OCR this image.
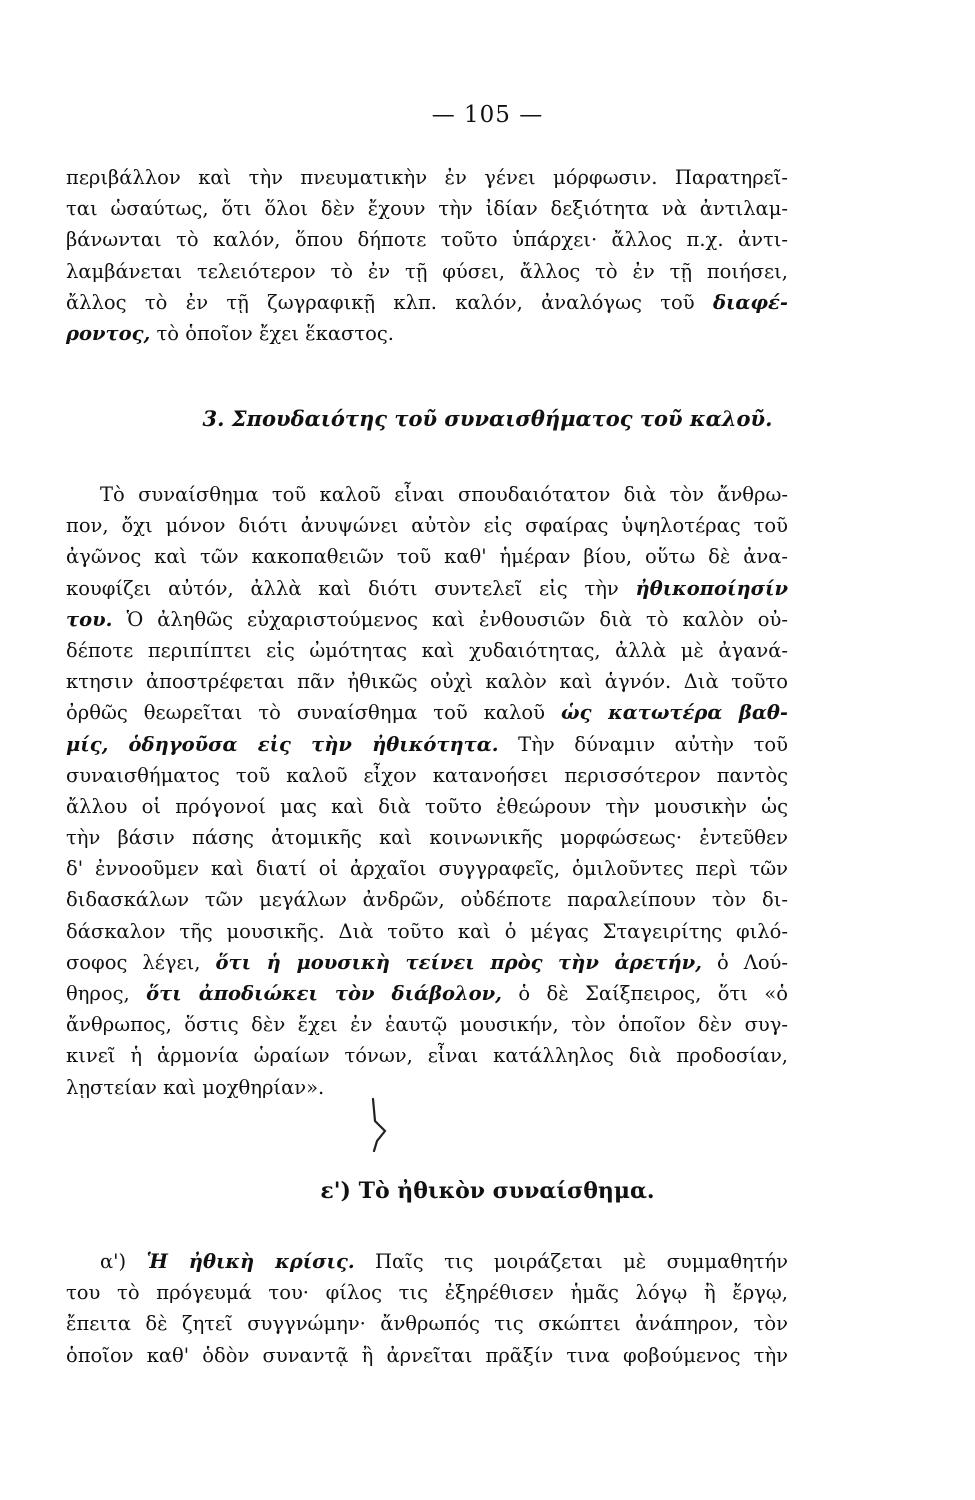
— 105 —
περιβάλλον καὶ τὴν πνευματικὴν ἐν γένει μόρφωσιν. Παρατηρεῖ-
ται ὡσαύτως, ὅτι ὅλοι δὲν ἔχουν τὴν ἰδίαν δεξιότητα νὰ ἀντιλαμ-
βάνωνται τὸ καλόν, ὅπου δήποτε τοῦτο ὑπάρχει· ἄλλος π.χ. ἀντι-
λαμβάνεται τελειότερον τὸ ἐν τῇ φύσει, ἄλλος τὸ ἐν τῇ ποιήσει,
ἄλλος τὸ ἐν τῇ ζωγραφικῇ κλπ. καλόν, ἀναλόγως τοῦ διαφέ-
ροντος, τὸ ὁποῖον ἔχει ἕκαστος.
3. Σπουδαιότης τοῦ συναισθήματος τοῦ καλοῦ.
Τὸ συναίσθημα τοῦ καλοῦ εἶναι σπουδαιότατον διὰ τὸν ἄνθρω-
πον, ὄχι μόνον διότι ἀνυψώνει αὐτὸν εἰς σφαίρας ὑψηλοτέρας τοῦ
ἀγῶνος καὶ τῶν κακοπαθειῶν τοῦ καθ' ἡμέραν βίου, οὕτω δὲ ἀνα-
κουφίζει αὐτόν, ἀλλὰ καὶ διότι συντελεῖ εἰς τὴν ἠθικοποίησίν
του. Ὁ ἀληθῶς εὐχαριστούμενος καὶ ἐνθουσιῶν διὰ τὸ καλὸν οὐ-
δέποτε περιπίπτει εἰς ὠμότητας καὶ χυδαιότητας, ἀλλὰ μὲ ἀγανά-
κτησιν ἀποστρέφεται πᾶν ἠθικῶς οὐχὶ καλὸν καὶ ἁγνόν. Διὰ τοῦτο
ὀρθῶς θεωρεῖται τὸ συναίσθημα τοῦ καλοῦ ὡς κατωτέρα βαθ-
μίς, ὁδηγοῦσα εἰς τὴν ἠθικότητα. Τὴν δύναμιν αὐτὴν τοῦ
συναισθήματος τοῦ καλοῦ εἶχον κατανοήσει περισσότερον παντὸς
ἄλλου οἱ πρόγονοί μας καὶ διὰ τοῦτο ἐθεώρουν τὴν μουσικὴν ὡς
τὴν βάσιν πάσης ἀτομικῆς καὶ κοινωνικῆς μορφώσεως· ἐντεῦθεν
δ' ἐννοοῦμεν καὶ διατί οἱ ἀρχαῖοι συγγραφεῖς, ὁμιλοῦντες περὶ τῶν
διδασκάλων τῶν μεγάλων ἀνδρῶν, οὐδέποτε παραλείπουν τὸν δι-
δάσκαλον τῆς μουσικῆς. Διὰ τοῦτο καὶ ὁ μέγας Σταγειρίτης φιλό-
σοφος λέγει, ὅτι ἡ μουσικὴ τείνει πρὸς τὴν ἀρετήν, ὁ Λού-
θηρος, ὅτι ἀποδιώκει τὸν διάβολον, ὁ δὲ Σαίξπειρος, ὅτι «ὁ
ἄνθρωπος, ὅστις δὲν ἔχει ἐν ἑαυτῷ μουσικήν, τὸν ὁποῖον δὲν συγ-
κινεῖ ἡ ἁρμονία ὡραίων τόνων, εἶναι κατάλληλος διὰ προδοσίαν,
λῃστείαν καὶ μοχθηρίαν».
ε') Τὸ ἠθικὸν συναίσθημα.
α') Ἡ ἠθικὴ κρίσις. Παῖς τις μοιράζεται μὲ συμμαθητήν
του τὸ πρόγευμά του· φίλος τις ἐξηρέθισεν ἡμᾶς λόγῳ ἢ ἔργῳ,
ἔπειτα δὲ ζητεῖ συγγνώμην· ἄνθρωπός τις σκώπτει ἀνάπηρον, τὸν
ὁποῖον καθ' ὁδὸν συναντᾷ ἢ ἀρνεῖται πρᾶξίν τινα φοβούμενος τὴν
